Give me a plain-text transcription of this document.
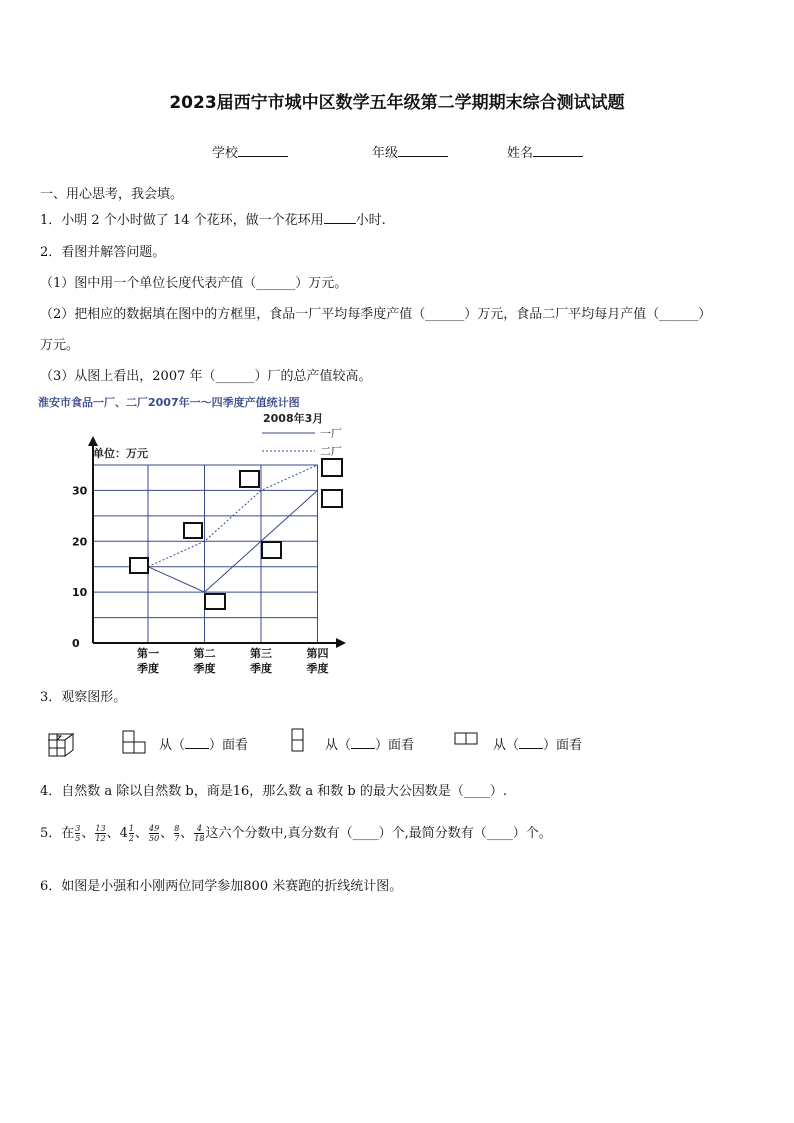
2023届西宁市城中区数学五年级第二学期期末综合测试试题
学校	年级	姓名
一、用心思考，我会填。
1．小明 2 个小时做了 14 个花环，做一个花环用 小时.
2．看图并解答问题。
（1）图中用一个单位长度代表产值（______）万元。
（2）把相应的数据填在图中的方框里，食品一厂平均每季度产值（______）万元，食品二厂平均每月产值（______）
万元。
（3）从图上看出，2007 年（______）厂的总产值较高。
淮安市食品一厂、二厂2007年一～四季度产值统计图
2008年3月
一厂
二厂
单位：万元
0
10
20
30
第一
季度
第二
季度
第三
季度
第四
季度
3．观察图形。
从（ ）面看	从（ ）面看	从（ ）面看
4．自然数 a 除以自然数 b，商是16，那么数 a 和数 b 的最大公因数是（____）.
5．在 $\frac{3}{5}$ 、 $\frac{13}{12}$ 、$4 \frac{1}{2}$ 、 $\frac{49}{50}$ 、 $\frac{8}{7}$ 、 $\frac{4}{18}$ 这六个分数中,真分数有（____）个,最简分数有（____）个。
6．如图是小强和小刚两位同学参加800 米赛跑的折线统计图。
